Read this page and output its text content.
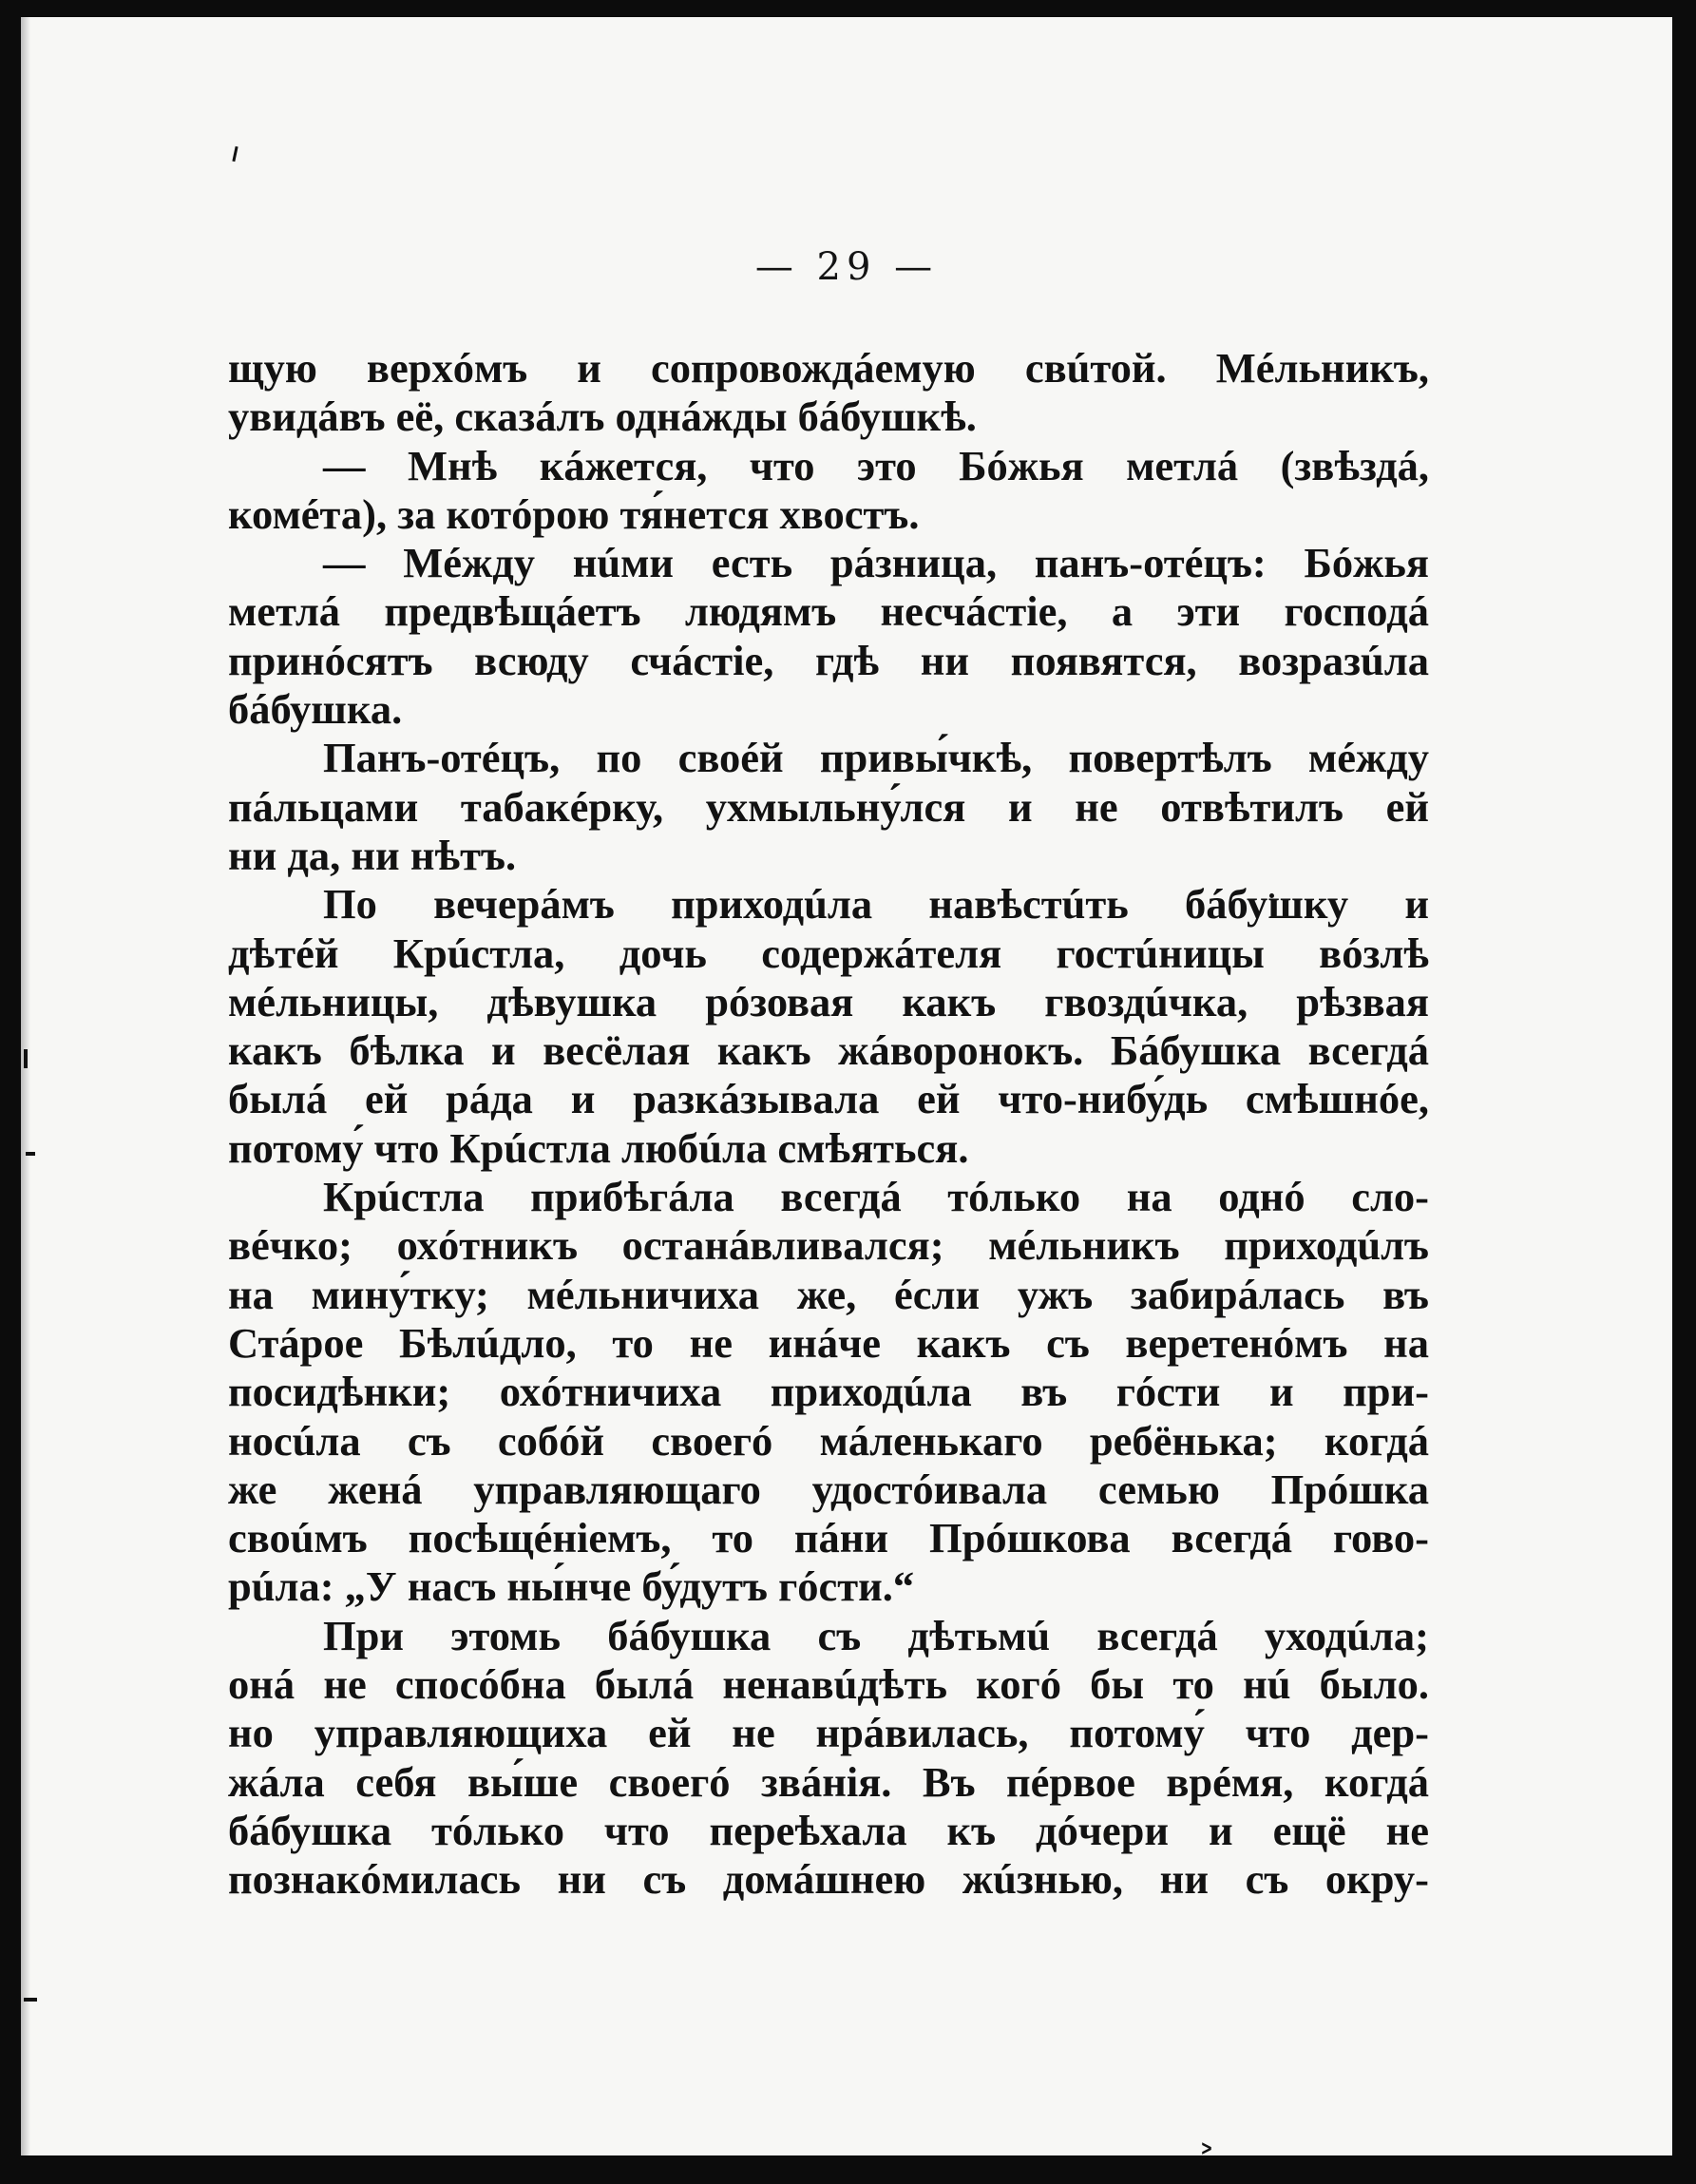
— 29 —
щую верхóмъ и сопровождáемую свúтой. Мéльникъ,
увидáвъ её, сказáлъ однáжды бáбушкѣ.
— Мнѣ кáжется, что это Бóжья метлá (звѣздá,
комéта), за котóрою тя́нется хвостъ.
— Мéжду нúми есть рáзница, панъ-отéцъ: Бóжья
метлá предвѣщáетъ людямъ несчáстіе, а эти господá
принóсятъ всюду счáстіе, гдѣ ни появятся, возразúла
бáбушка.
Панъ-отéцъ, по своéй привы́чкѣ, повертѣлъ мéжду
пáльцами табакéрку, ухмыльну́лся и не отвѣтилъ ей
ни да, ни нѣтъ.
По вечерáмъ приходúла навѣстúть бáбушку и
дѣтéй Крúстла, дочь содержáтеля гостúницы вóзлѣ
мéльницы, дѣвушка рóзовая какъ гвоздúчка, рѣзвая
какъ бѣлка и весёлая какъ жáворонокъ. Бáбушка всегдá
былá ей рáда и разкáзывала ей что-нибу́дь смѣшнóе,
потому́ что Крúстла любúла смѣяться.
Крúстла прибѣгáла всегдá тóлько на однó сло-
вéчко; охóтникъ останáвливался; мéльникъ приходúлъ
на мину́тку; мéльничиха же, éсли ужъ забирáлась въ
Стáрое Бѣлúдло, то не инáче какъ съ веретенóмъ на
посидѣнки; охóтничиха приходúла въ гóсти и при-
носúла съ собóй своегó мáленькаго ребёнька; когдá
же женá управляющаго удостóивала семью Прóшка
своúмъ посѣщéніемъ, то пáни Прóшкова всегдá гово-
рúла: „У насъ ны́нче бу́дутъ гóсти.“
При этомь бáбушка съ дѣтьмú всегдá уходúла;
онá не спосóбна былá ненавúдѣть когó бы то нú было.
но управляющиха ей не нрáвилась, потому́ что дер-
жáла себя вы́ше своегó звáнія. Въ пéрвое врéмя, когдá
бáбушка тóлько что переѣхала къ дóчери и ещё не
познакóмилась ни съ домáшнею жúзнью, ни съ окру-
˃
